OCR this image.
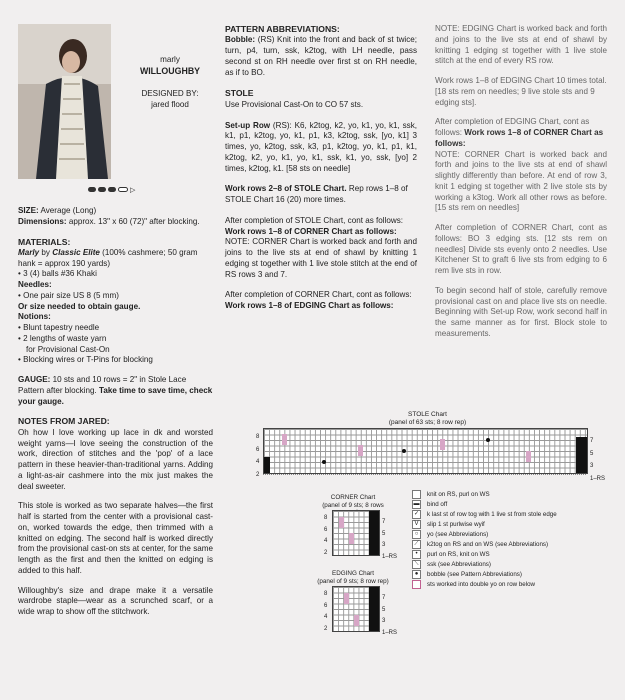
marly

WILLOUGHBY

DESIGNED BY:

jared flood

▷

SIZE: Average (Long)

Dimensions: approx. 13" x 60 (72)" after blocking.

MATERIALS:

Marly by Classic Elite (100% cashmere; 50 gram hank = approx 190 yards)

• 3 (4) balls #36 Khaki

Needles:

• One pair size US 8 (5 mm)

Or size needed to obtain gauge.

Notions:

• Blunt tapestry needle

• 2 lengths of waste yarn

for Provisional Cast-On

• Blocking wires or T-Pins for blocking

GAUGE: 10 sts and 10 rows = 2" in Stole Lace Pattern after blocking. Take time to save time, check your gauge.

NOTES FROM JARED:

Oh how I love working up lace in dk and worsted weight yarns—I love seeing the construction of the work, direction of stitches and the 'pop' of a lace pattern in these heavier-than-traditional yarns. Adding a light-as-air cashmere into the mix just makes the deal sweeter.

This stole is worked as two separate halves—the first half is started from the center with a provisional cast-on, worked towards the edge, then trimmed with a knitted on edging. The second half is worked directly from the provisional cast-on sts at center, for the same length as the first and then the knitted on edging is added to this half.

Willoughby's size and drape make it a versatile wardrobe staple—wear as a scrunched scarf, or a wide wrap to show off the stitchwork.

PATTERN ABBREVIATIONS:

Bobble: (RS) Knit into the front and back of st twice; turn, p4, turn, ssk, k2tog, with LH needle, pass second st on RH needle over first st on RH needle, as if to BO.

STOLE

Use Provisional Cast-On to CO 57 sts.

Set-up Row (RS): K6, k2tog, k2, yo, k1, yo, k1, ssk, k1, p1, k2tog, yo, k1, p1, k3, k2tog, ssk, [yo, k1] 3 times, yo, k2tog, ssk, k3, p1, k2tog, yo, k1, p1, k1, k2tog, k2, yo, k1, yo, k1, ssk, k1, yo, ssk, [yo] 2 times, k2tog, k1. [58 sts on needle]

Work rows 2–8 of STOLE Chart. Rep rows 1–8 of STOLE Chart 16 (20) more times.

After completion of STOLE Chart, cont as follows: Work rows 1–8 of CORNER Chart as follows:

NOTE: CORNER Chart is worked back and forth and joins to the live sts at end of shawl by knitting 1 edging st together with 1 live stole stitch at the end of RS rows 3 and 7.

After completion of CORNER Chart, cont as follows: Work rows 1–8 of EDGING Chart as follows:

NOTE: EDGING Chart is worked back and forth and joins to the live sts at end of shawl by knitting 1 edging st together with 1 live stole stitch at the end of every RS row.

Work rows 1–8 of EDGING Chart 10 times total. [18 sts rem on needles; 9 live stole sts and 9 edging sts].

After completion of EDGING Chart, cont as follows: Work rows 1–8 of CORNER Chart as follows:

NOTE: CORNER Chart is worked back and forth and joins to the live sts at end of shawl slightly differently than before. At end of row 3, knit 1 edging st together with 2 live stole sts by working a k3tog. Work all other rows as before. [15 sts rem on needles]

After completion of CORNER Chart, cont as follows: BO 3 edging sts. [12 sts rem on needles] Divide sts evenly onto 2 needles. Use Kitchener St to graft 6 live sts from edging to 6 rem live sts in row.

To begin second half of stole, carefully remove provisional cast on and place live sts on needle. Beginning with Set-up Row, work second half in the same manner as for first. Block stole to measurements.

STOLE Chart
(panel of 63 sts; 8 row rep)
8
6
4
2
7
5
3
1–RS
CORNER Chart
(panel of 9 sts; 8 rows
8
6
4
2
7
5
3
1–RS
EDGING Chart
(panel of 9 sts; 8 row rep)
8
6
4
2
7
5
3
1–RS
knit on RS, purl on WS
▬ bind off
✓ k last st of row tog with 1 live st from stole edge
V slip 1 st purlwise wyif
○ yo (see Abbreviations)
⟋ k2tog on RS and on WS (see Abbreviations)
• purl on RS, knit on WS
⟍ ssk (see Abbreviations)
● bobble (see Pattern Abbreviations)
sts worked into double yo on row below
